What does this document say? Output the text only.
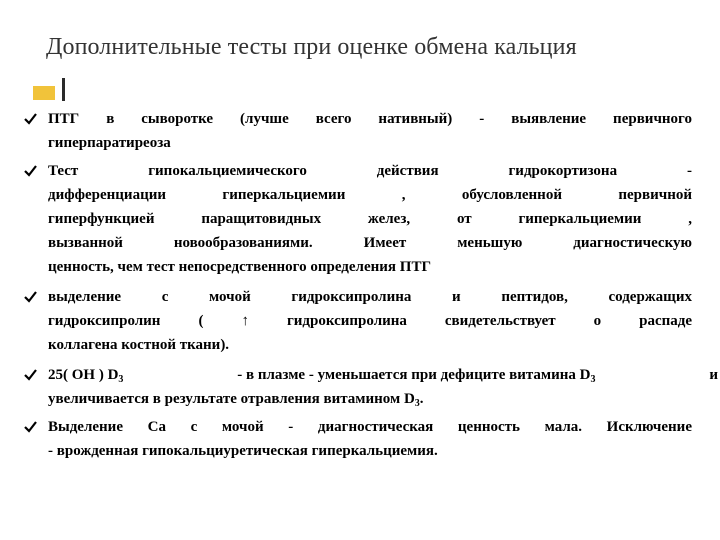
Дополнительные тесты при оценке обмена кальция
ПТГ в сыворотке (лучше всего нативный) - выявление первичного
гиперпаратиреоза
Тест гипокальциемического действия гидрокортизона -
дифференциации гиперкальциемии , обусловленной первичной
гиперфункцией паращитовидных желез, от гиперкальциемии ,
вызванной новообразованиями. Имеет меньшую диагностическую
ценность, чем тест непосредственного определения ПТГ
выделение с мочой гидроксипролина и пептидов, содержащих
гидроксипролин ( ↑ гидроксипролина свидетельствует о распаде
коллагена костной ткани).
25( ОН ) $D_3$	- в плазме - уменьшается при дефиците витамина $D_3$	и
увеличивается в результате отравления витамином $D_3$.
Выделение Са с мочой - диагностическая ценность мала. Исключение
- врожденная гипокальциуретическая гиперкальциемия.
